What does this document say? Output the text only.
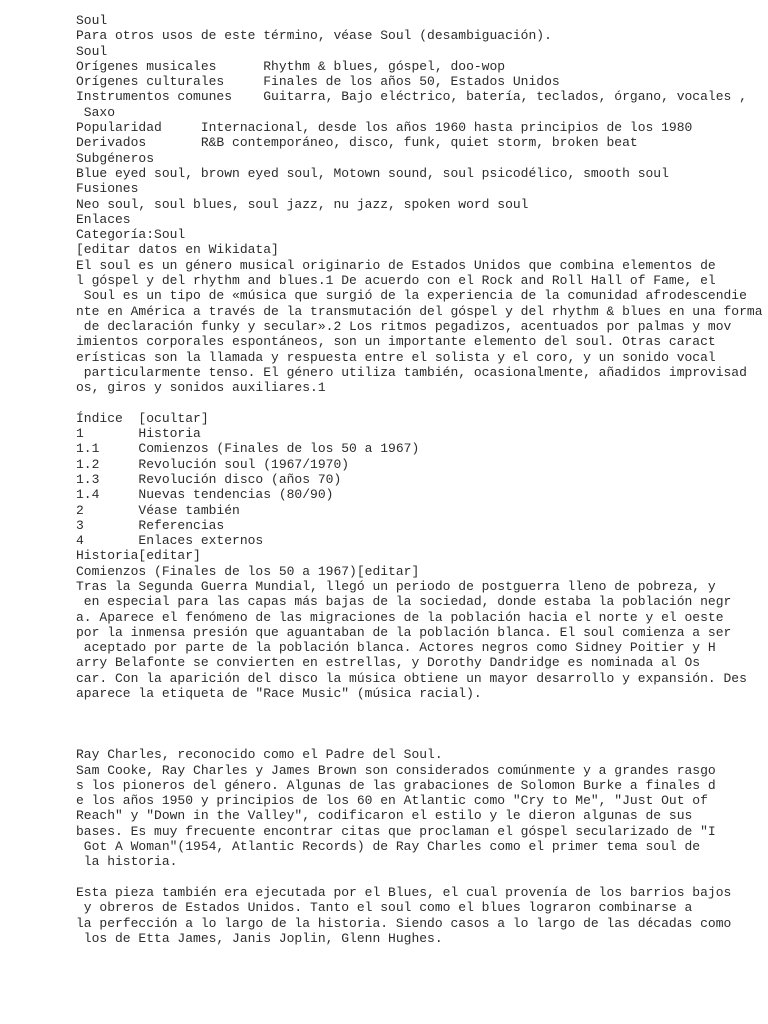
Soul
Para otros usos de este término, véase Soul (desambiguación).
Soul
Orígenes musicales      Rhythm & blues, góspel, doo-wop
Orígenes culturales     Finales de los años 50, Estados Unidos
Instrumentos comunes    Guitarra, Bajo eléctrico, batería, teclados, órgano, vocales ,
Saxo
Popularidad     Internacional, desde los años 1960 hasta principios de los 1980
Derivados       R&B contemporáneo, disco, funk, quiet storm, broken beat
Subgéneros
Blue eyed soul, brown eyed soul, Motown sound, soul psicodélico, smooth soul
Fusiones
Neo soul, soul blues, soul jazz, nu jazz, spoken word soul
Enlaces
Categoría:Soul
[editar datos en Wikidata]
El soul es un género musical originario de Estados Unidos que combina elementos de
l góspel y del rhythm and blues.1 De acuerdo con el Rock and Roll Hall of Fame, el
Soul es un tipo de «música que surgió de la experiencia de la comunidad afrodescendie
nte en América a través de la transmutación del góspel y del rhythm & blues en una forma
de declaración funky y secular».2 Los ritmos pegadizos, acentuados por palmas y mov
imientos corporales espontáneos, son un importante elemento del soul. Otras caract
erísticas son la llamada y respuesta entre el solista y el coro, y un sonido vocal
particularmente tenso. El género utiliza también, ocasionalmente, añadidos improvisad
os, giros y sonidos auxiliares.1
Índice  [ocultar]
1       Historia
1.1     Comienzos (Finales de los 50 a 1967)
1.2     Revolución soul (1967/1970)
1.3     Revolución disco (años 70)
1.4     Nuevas tendencias (80/90)
2       Véase también
3       Referencias
4       Enlaces externos
Historia[editar]
Comienzos (Finales de los 50 a 1967)[editar]
Tras la Segunda Guerra Mundial, llegó un periodo de postguerra lleno de pobreza, y
en especial para las capas más bajas de la sociedad, donde estaba la población negr
a. Aparece el fenómeno de las migraciones de la población hacia el norte y el oeste
por la inmensa presión que aguantaban de la población blanca. El soul comienza a ser
aceptado por parte de la población blanca. Actores negros como Sidney Poitier y H
arry Belafonte se convierten en estrellas, y Dorothy Dandridge es nominada al Os
car. Con la aparición del disco la música obtiene un mayor desarrollo y expansión. Des
aparece la etiqueta de "Race Music" (música racial).
Ray Charles, reconocido como el Padre del Soul.
Sam Cooke, Ray Charles y James Brown son considerados comúnmente y a grandes rasgo
s los pioneros del género. Algunas de las grabaciones de Solomon Burke a finales d
e los años 1950 y principios de los 60 en Atlantic como "Cry to Me", "Just Out of
Reach" y "Down in the Valley", codificaron el estilo y le dieron algunas de sus
bases. Es muy frecuente encontrar citas que proclaman el góspel secularizado de "I
Got A Woman"(1954, Atlantic Records) de Ray Charles como el primer tema soul de
la historia.
Esta pieza también era ejecutada por el Blues, el cual provenía de los barrios bajos
y obreros de Estados Unidos. Tanto el soul como el blues lograron combinarse a
la perfección a lo largo de la historia. Siendo casos a lo largo de las décadas como
los de Etta James, Janis Joplin, Glenn Hughes.
